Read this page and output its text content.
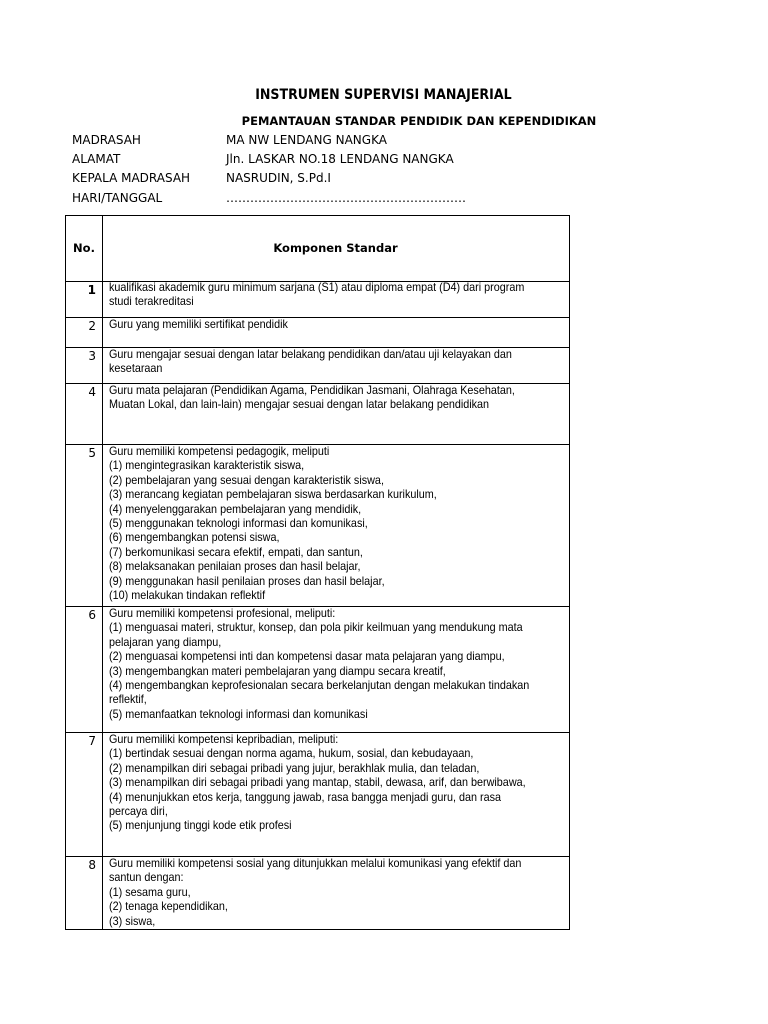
INSTRUMEN SUPERVISI MANAJERIAL
PEMANTAUAN STANDAR PENDIDIK DAN KEPENDIDIKAN
MADRASAH	MA NW LENDANG NANGKA
ALAMAT	Jln. LASKAR NO.18 LENDANG NANGKA
KEPALA MADRASAH	NASRUDIN, S.Pd.I
HARI/TANGGAL	……………………………………………………
No.	Komponen Standar
1 kualifikasi akademik guru minimum sarjana (S1) atau diploma empat (D4) dari program
studi terakreditasi
2 Guru yang memiliki sertifikat pendidik
3 Guru mengajar sesuai dengan latar belakang pendidikan dan/atau uji kelayakan dan
kesetaraan
4 Guru mata pelajaran (Pendidikan Agama, Pendidikan Jasmani, Olahraga Kesehatan,
Muatan Lokal, dan lain-lain) mengajar sesuai dengan latar belakang pendidikan
5 Guru memiliki kompetensi pedagogik, meliputi
(1) mengintegrasikan karakteristik siswa,
(2) pembelajaran yang sesuai dengan karakteristik siswa,
(3) merancang kegiatan pembelajaran siswa berdasarkan kurikulum,
(4) menyelenggarakan pembelajaran yang mendidik,
(5) menggunakan teknologi informasi dan komunikasi,
(6) mengembangkan potensi siswa,
(7) berkomunikasi secara efektif, empati, dan santun,
(8) melaksanakan penilaian proses dan hasil belajar,
(9) menggunakan hasil penilaian proses dan hasil belajar,
(10) melakukan tindakan reflektif
6 Guru memiliki kompetensi profesional, meliputi:
(1) menguasai materi, struktur, konsep, dan pola pikir keilmuan yang mendukung mata
pelajaran yang diampu,
(2) menguasai kompetensi inti dan kompetensi dasar mata pelajaran yang diampu,
(3) mengembangkan materi pembelajaran yang diampu secara kreatif,
(4) mengembangkan keprofesionalan secara berkelanjutan dengan melakukan tindakan
reflektif,
(5) memanfaatkan teknologi informasi dan komunikasi
7 Guru memiliki kompetensi kepribadian, meliputi:
(1) bertindak sesuai dengan norma agama, hukum, sosial, dan kebudayaan,
(2) menampilkan diri sebagai pribadi yang jujur, berakhlak mulia, dan teladan,
(3) menampilkan diri sebagai pribadi yang mantap, stabil, dewasa, arif, dan berwibawa,
(4) menunjukkan etos kerja, tanggung jawab, rasa bangga menjadi guru, dan rasa
percaya diri,
(5) menjunjung tinggi kode etik profesi
8 Guru memiliki kompetensi sosial yang ditunjukkan melalui komunikasi yang efektif dan
santun dengan:
(1) sesama guru,
(2) tenaga kependidikan,
(3) siswa,
